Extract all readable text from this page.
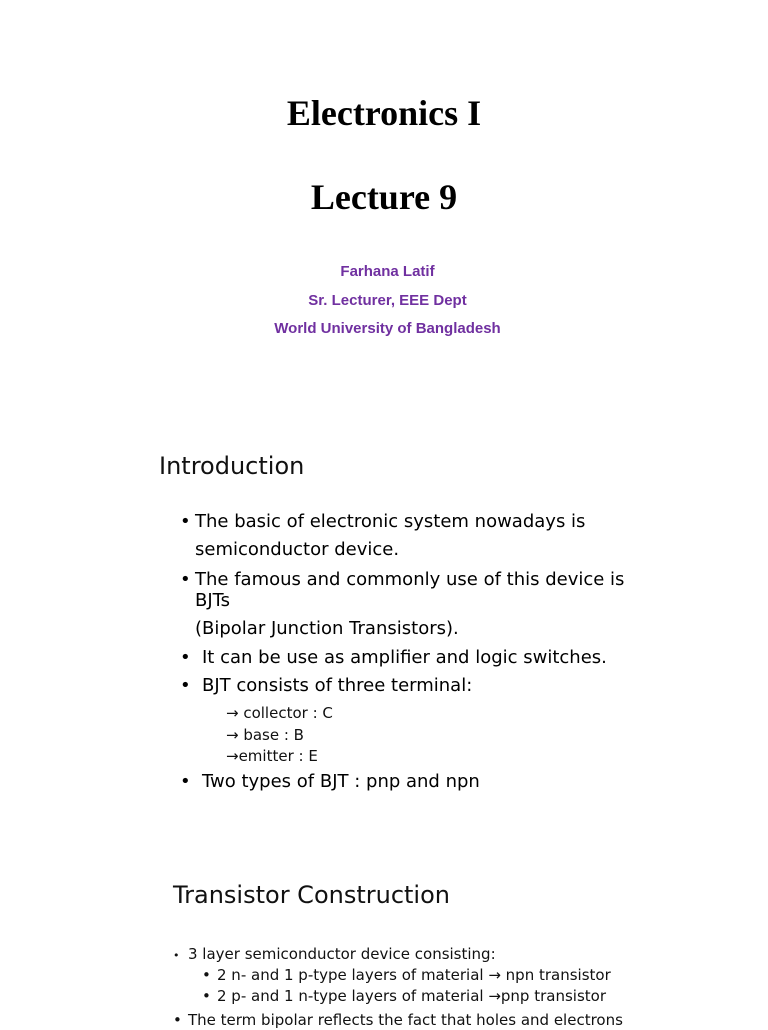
Electronics I
Lecture 9
Farhana Latif
Sr. Lecturer, EEE Dept
World University of Bangladesh
Introduction
• The basic of electronic system nowadays is
semiconductor device.
• The famous and commonly use of this device is
BJTs
(Bipolar Junction Transistors).
• It can be use as amplifier and logic switches.
• BJT consists of three terminal:
→ collector : C
→ base : B
→emitter : E
• Two types of BJT : pnp and npn
Transistor Construction
• 3 layer semiconductor device consisting:
• 2 n- and 1 p-type layers of material → npn transistor
• 2 p- and 1 n-type layers of material →pnp transistor
• The term bipolar reflects the fact that holes and electrons
